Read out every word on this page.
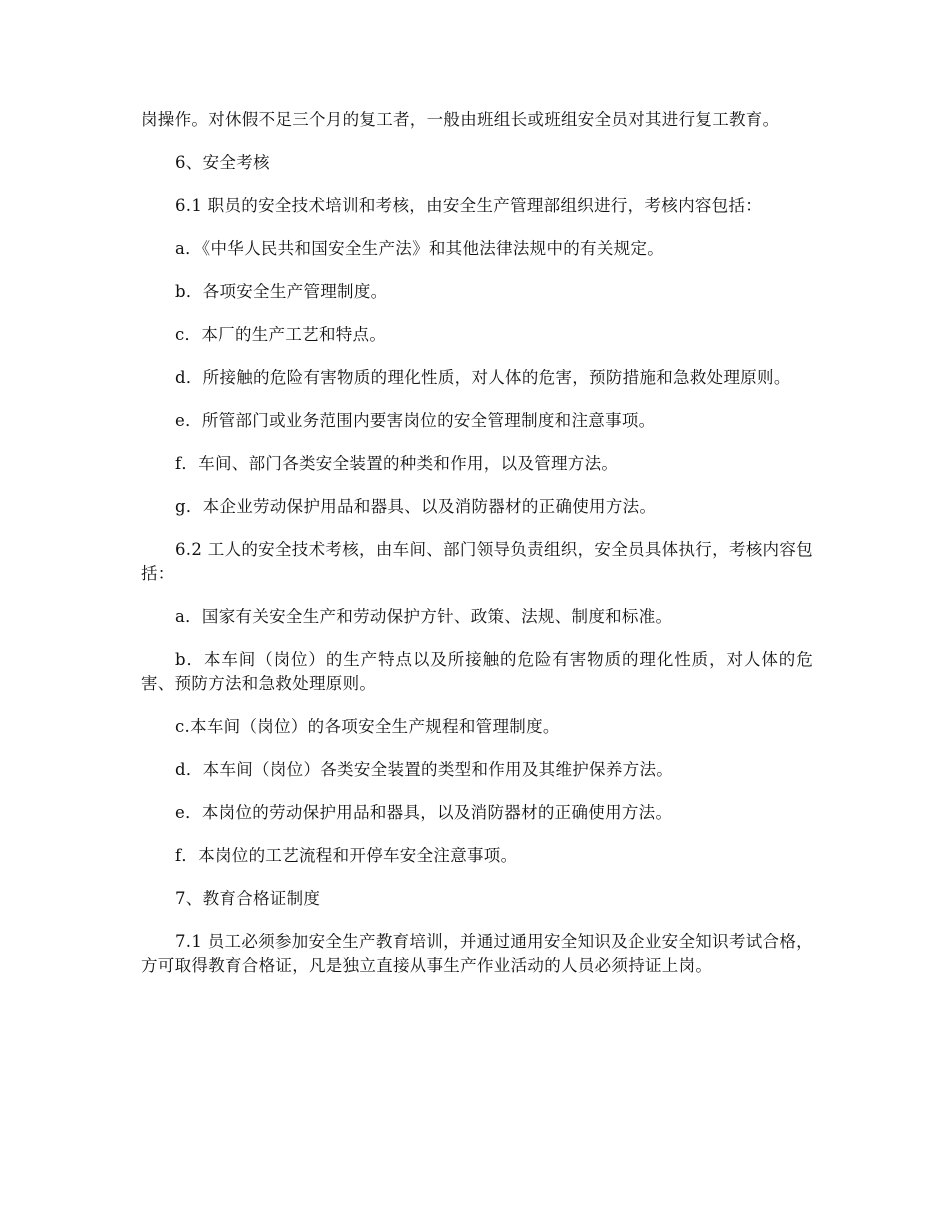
岗操作。对休假不足三个月的复工者，一般由班组长或班组安全员对其进行复工教育。

6、安全考核

6.1 职员的安全技术培训和考核，由安全生产管理部组织进行，考核内容包括：

a．《中华人民共和国安全生产法》和其他法律法规中的有关规定。

b．各项安全生产管理制度。

c．本厂的生产工艺和特点。

d．所接触的危险有害物质的理化性质，对人体的危害，预防措施和急救处理原则。

e．所管部门或业务范围内要害岗位的安全管理制度和注意事项。

f．车间、部门各类安全装置的种类和作用，以及管理方法。

g．本企业劳动保护用品和器具、以及消防器材的正确使用方法。

6.2 工人的安全技术考核，由车间、部门领导负责组织，安全员具体执行，考核内容包括：

a．国家有关安全生产和劳动保护方针、政策、法规、制度和标准。

b．本车间（岗位）的生产特点以及所接触的危险有害物质的理化性质，对人体的危害、预防方法和急救处理原则。

c.本车间（岗位）的各项安全生产规程和管理制度。

d．本车间（岗位）各类安全装置的类型和作用及其维护保养方法。

e．本岗位的劳动保护用品和器具，以及消防器材的正确使用方法。

f．本岗位的工艺流程和开停车安全注意事项。

7、教育合格证制度

7.1 员工必须参加安全生产教育培训，并通过通用安全知识及企业安全知识考试合格，方可取得教育合格证，凡是独立直接从事生产作业活动的人员必须持证上岗。
